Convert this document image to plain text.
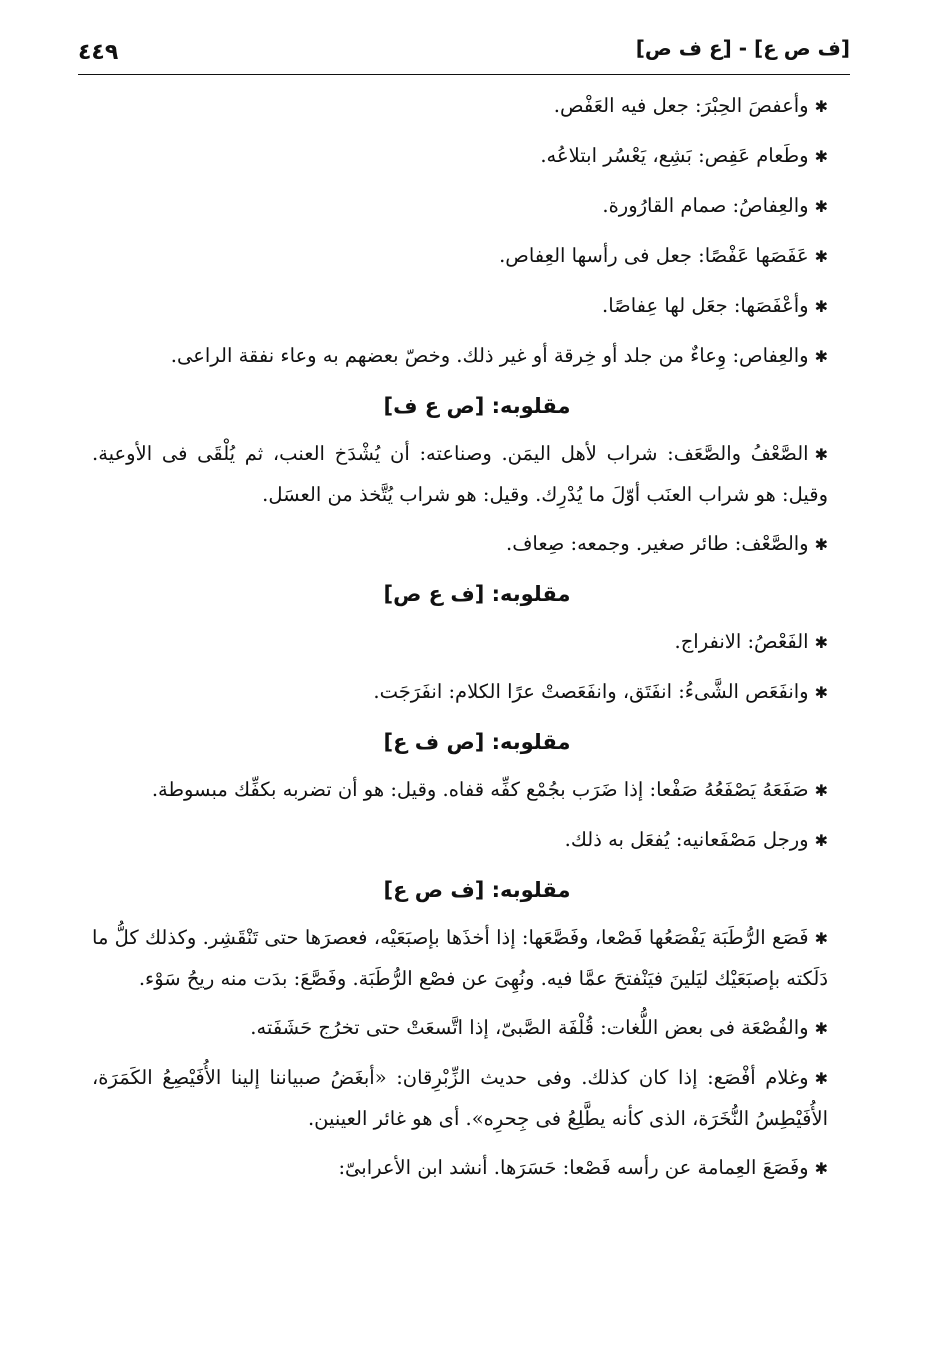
٤٤٩	[ع ف ص] - [ف ص ع]

✱وأعفصَ الحِبْرَ: جعل فيه العَفْص.

✱وطَعام عَفِص: بَشِع، يَعْسُر ابتلاعُه.

✱والعِفاصُ: صمام القارُورة.

✱عَفَصَها عَفْصًا: جعل فى رأسها العِفاص.

✱وأعْفَصَها: جعَل لها عِفاصًا.

✱والعِفاص: وِعاءٌ من جلد أو خِرقة أو غير ذلك. وخصّ بعضهم به وعاء نفقة الراعى.

مقلوبه: [ص ع ف]

✱الصَّعْفُ والصَّعَف: شراب لأهل اليمَن. وصناعته: أن يُشْدَخ العنب، ثم يُلْقَى فى الأوعية. وقيل: هو شراب العنَب أوّلَ ما يُدْرِك. وقيل: هو شراب يُتَّخذ من العسَل.

✱والصَّعْف: طائر صغير. وجمعه: صِعاف.

مقلوبه: [ف ع ص]

✱الفَعْصُ: الانفراج.

✱وانفَعَص الشَّىءُ: انفَتَق، وانفَعَصتْ عرًا الكلام: انفَرَجَت.

مقلوبه: [ص ف ع]

✱صَفَعَهُ يَصْفَعُهُ صَفْعا: إذا ضَرَب بجُمْع كفِّه قفاه. وقيل: هو أن تضربه بكفِّك مبسوطة.

✱ورجل مَصْفَعانيه: يُفعَل به ذلك.

مقلوبه: [ف ص ع]

✱فَصَع الرُّطَبَة يَفْصَعُها فَصْعا، وفَصَّعَها: إذا أخذَها بإصبَعَيْه، فعصرَها حتى تَنْقَشِر. وكذلك كلُّ ما دَلَكته بإصبَعَيْك ليَلينَ فيَنْفتحَ عمَّا فيه. ونُهِىَ عن فصْع الرُّطَبَة. وفَصَّعَ: بدَت منه ريحُ سَوْء.

✱والفُصْعَة فى بعض اللُّغات: قُلْفَة الصَّبىّ، إذا اتَّسعَتْ حتى تخرُج حَشَفَته.

✱وغلام أفْصَع: إذا كان كذلك. وفى حديث الزِّبْرِقان: «أبغَضُ صبياننا إلينا الأُفَيْصِعُ الكَمَرَة، الأُفَيْطِسُ النُّخَرَة، الذى كأنه يطَّلِعُ فى جِحرِه». أى هو غائر العينين.

✱وفَصَعَ العِمامة عن رأسه فَصْعا: حَسَرَها. أنشد ابن الأعرابىّ:
